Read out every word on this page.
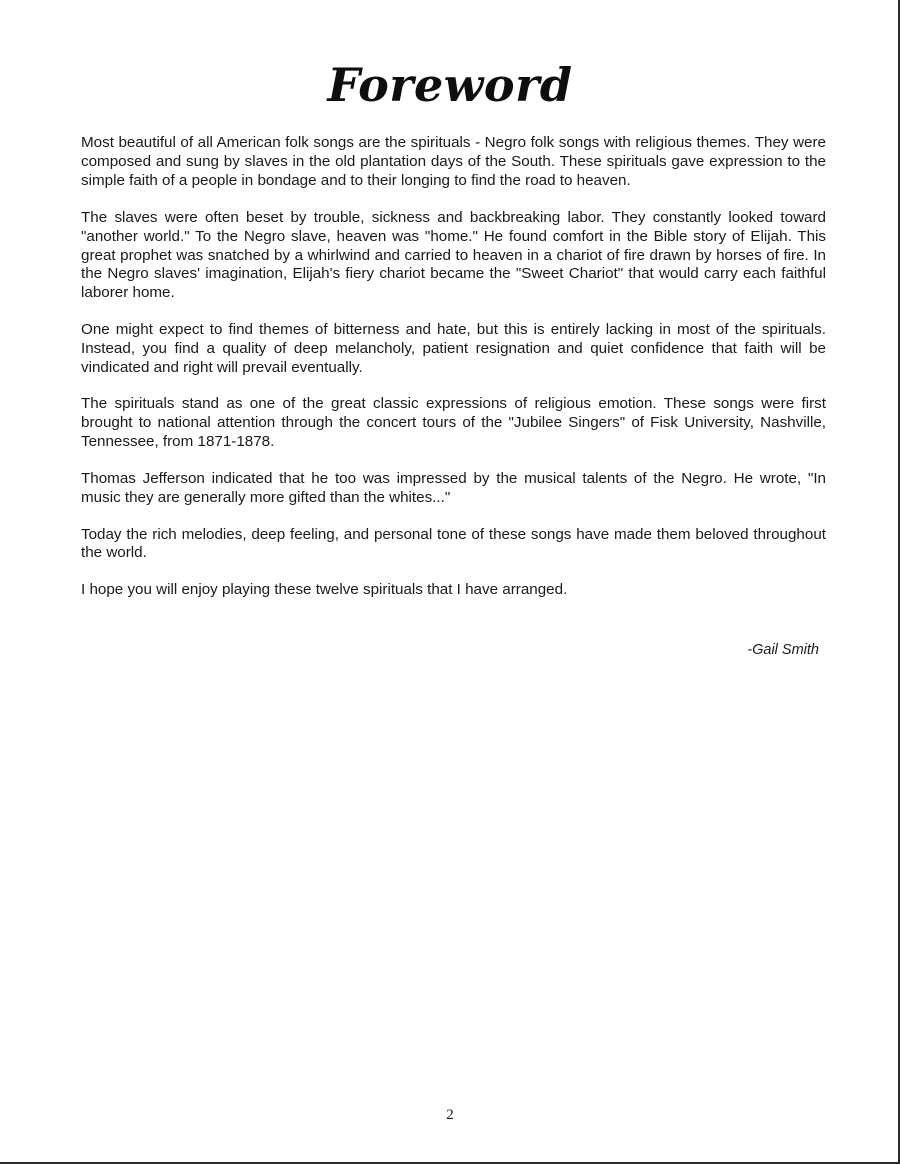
Foreword

Most beautiful of all American folk songs are the spirituals - Negro folk songs with religious themes. They were composed and sung by slaves in the old plantation days of the South. These spirituals gave expression to the simple faith of a people in bondage and to their longing to find the road to heaven.

The slaves were often beset by trouble, sickness and backbreaking labor. They constantly looked toward "another world." To the Negro slave, heaven was "home." He found comfort in the Bible story of Elijah. This great prophet was snatched by a whirlwind and carried to heaven in a chariot of fire drawn by horses of fire. In the Negro slaves' imagination, Elijah's fiery chariot became the "Sweet Chariot" that would carry each faithful laborer home.

One might expect to find themes of bitterness and hate, but this is entirely lacking in most of the spirituals. Instead, you find a quality of deep melancholy, patient resignation and quiet confidence that faith will be vindicated and right will prevail eventually.

The spirituals stand as one of the great classic expressions of religious emotion. These songs were first brought to national attention through the concert tours of the "Jubilee Singers" of Fisk University, Nashville, Tennessee, from 1871-1878.

Thomas Jefferson indicated that he too was impressed by the musical talents of the Negro. He wrote, "In music they are generally more gifted than the whites..."

Today the rich melodies, deep feeling, and personal tone of these songs have made them beloved throughout the world.

I hope you will enjoy playing these twelve spirituals that I have arranged.

-Gail Smith
2
